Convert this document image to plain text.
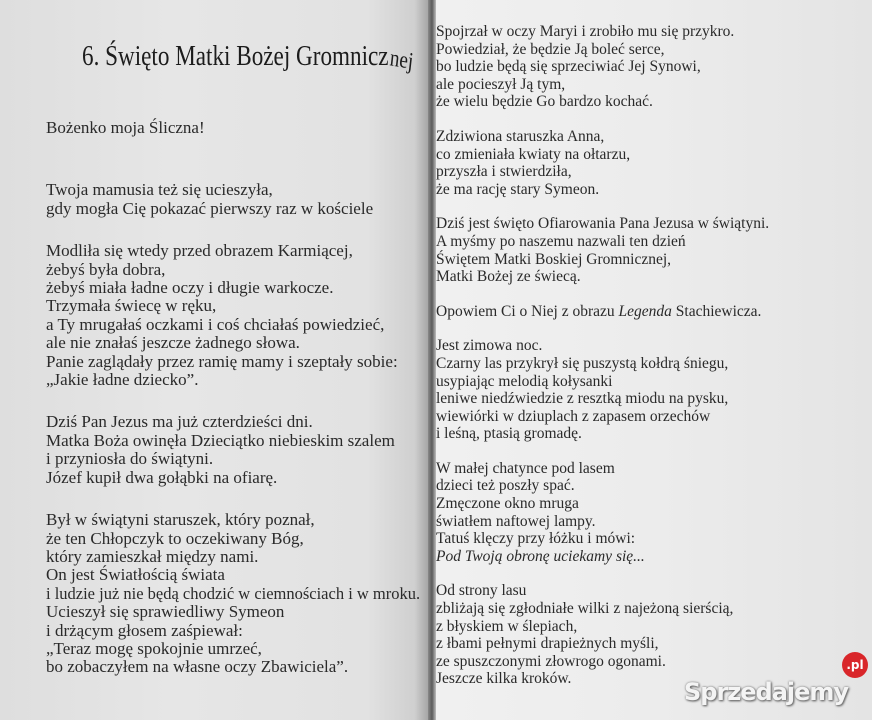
6. Święto Matki Bożej Gromnicznej
Bożenko moja Śliczna!
Twoja mamusia też się ucieszyła,
gdy mogła Cię pokazać pierwszy raz w kościele
Modliła się wtedy przed obrazem Karmiącej,
żebyś była dobra,
żebyś miała ładne oczy i długie warkocze.
Trzymała świecę w ręku,
a Ty mrugałaś oczkami i coś chciałaś powiedzieć,
ale nie znałaś jeszcze żadnego słowa.
Panie zaglądały przez ramię mamy i szeptały sobie:
„Jakie ładne dziecko”.
Dziś Pan Jezus ma już czterdzieści dni.
Matka Boża owinęła Dzieciątko niebieskim szalem
i przyniosła do świątyni.
Józef kupił dwa gołąbki na ofiarę.
Był w świątyni staruszek, który poznał,
że ten Chłopczyk to oczekiwany Bóg,
który zamieszkał między nami.
On jest Światłością świata
i ludzie już nie będą chodzić w ciemnościach i w mroku.
Ucieszył się sprawiedliwy Symeon
i drżącym głosem zaśpiewał:
„Teraz mogę spokojnie umrzeć,
bo zobaczyłem na własne oczy Zbawiciela”.
Spojrzał w oczy Maryi i zrobiło mu się przykro.
Powiedział, że będzie Ją boleć serce,
bo ludzie będą się sprzeciwiać Jej Synowi,
ale pocieszył Ją tym,
że wielu będzie Go bardzo kochać.
Zdziwiona staruszka Anna,
co zmieniała kwiaty na ołtarzu,
przyszła i stwierdziła,
że ma rację stary Symeon.
Dziś jest święto Ofiarowania Pana Jezusa w świątyni.
A myśmy po naszemu nazwali ten dzień
Świętem Matki Boskiej Gromnicznej,
Matki Bożej ze świecą.
Opowiem Ci o Niej z obrazu Legenda Stachiewicza.
Jest zimowa noc.
Czarny las przykrył się puszystą kołdrą śniegu,
usypiając melodią kołysanki
leniwe niedźwiedzie z resztką miodu na pysku,
wiewiórki w dziuplach z zapasem orzechów
i leśną, ptasią gromadę.
W małej chatynce pod lasem
dzieci też poszły spać.
Zmęczone okno mruga
światłem naftowej lampy.
Tatuś klęczy przy łóżku i mówi:
Pod Twoją obronę uciekamy się...
Od strony lasu
zbliżają się zgłodniałe wilki z najeżoną sierścią,
z błyskiem w ślepiach,
z łbami pełnymi drapieżnych myśli,
ze spuszczonymi złowrogo ogonami.
Jeszcze kilka kroków.	Sprzedajemy
.pl
